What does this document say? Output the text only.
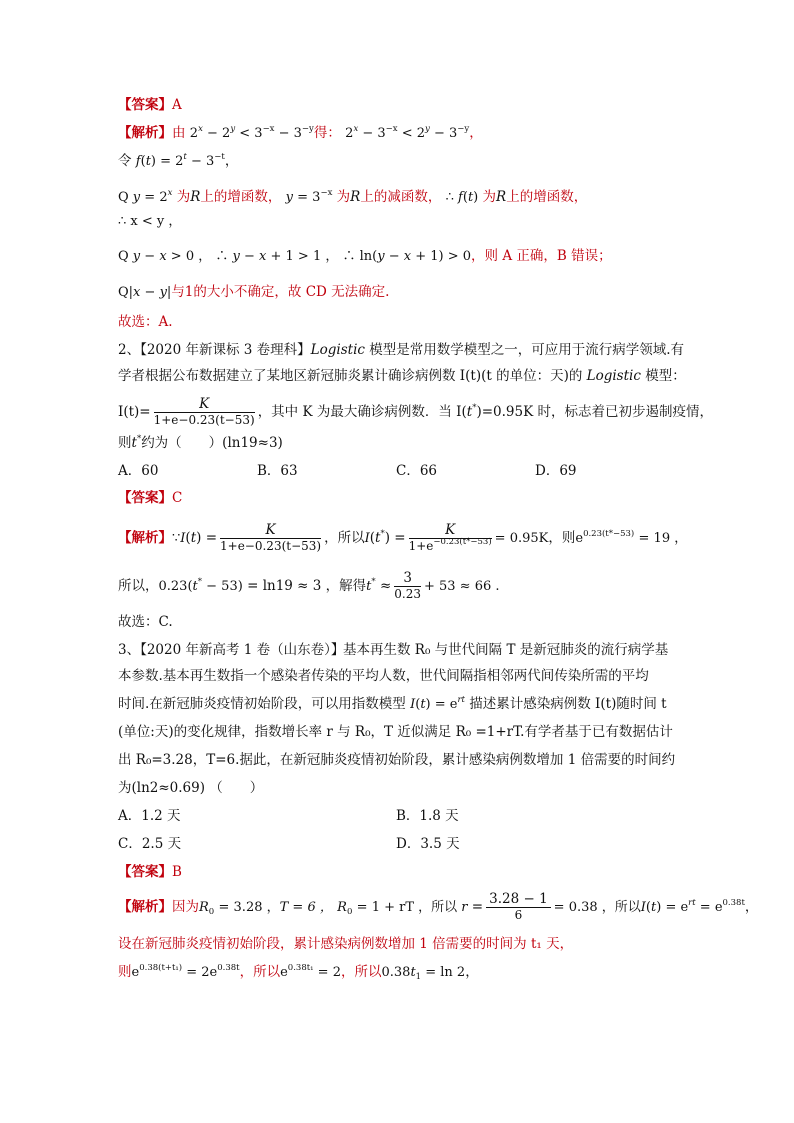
【答案】A
【解析】由 $2^x - 2^y < 3^{-x} - 3^{-y}$得： $2^x - 3^{-x} < 2^y - 3^{-y}$，
令 $f(t) = 2^t - 3^{-t}$，
Q $y = 2^x$ 为R上的增函数， $y = 3^{-x}$ 为R上的减函数， ∴ f(t) 为R上的增函数，
∴ x < y ，
Q y − x > 0 ， ∴ y − x + 1 > 1 ， ∴ ln(y − x + 1) > 0，则 A 正确，B 错误；
Q|x − y|与1的大小不确定，故 CD 无法确定.
故选：A.
2、【2020 年新课标 3 卷理科】Logistic 模型是常用数学模型之一，可应用于流行病学领域.有
学者根据公布数据建立了某地区新冠肺炎累计确诊病例数 I(t)(t 的单位：天)的 Logistic 模型：
$I(t)= \frac{K}{1+e-0.23(t-53)}$ ，其中 K 为最大确诊病例数．当 I(t*)=0.95K 时，标志着已初步遏制疫情，
则t*约为（　　）(ln19≈3)
A．60	B．63	C．66	D．69
【答案】C
【解析】∵I(t) = $\frac{K}{1+e-0.23(t-53)}$ ，所以$I(t^*) = \frac{K}{1+e^{-0.23(t*-53)}} = 0.95K$，则$e^{0.23(t*-53)} = 19$ ，
所以，0.23(t* − 53) = ln19 ≈ 3 ，解得$t^* \approx \frac{3}{0.23} + 53 \approx 66$ .
故选：C.
3、【2020 年新高考 1 卷（山东卷）】
基本再生数 R₀ 与世代间隔 T 是新冠肺炎的流行病学基
本参数.基本再生数指一个感染者传染的平均人数，世代间隔指相邻两代间传染所需的平均
时间.在新冠肺炎疫情初始阶段，可以用指数模型 $I(t) = e^{rt}$ 描述累计感染病例数 I(t)随时间 t
(单位:天)的变化规律，指数增长率 r 与 R₀，T 近似满足 R₀ =1+rT.有学者基于已有数据估计
出 R₀=3.28，T=6.据此，在新冠肺炎疫情初始阶段，累计感染病例数增加 1 倍需要的时间约
为(ln2≈0.69) （　　）
A．1.2 天	B．1.8 天
C．2.5 天	D．3.5 天
【答案】B
【解析】因为$R_0 = 3.28$ ，T = 6 ， $R_0 = 1$ + rT ，所以 $r = \frac{3.28 - 1}{6} = 0.38$ ，所以$I(t) = e^{rt} = e^{0.38t}$，
设在新冠肺炎疫情初始阶段，累计感染病例数增加 1 倍需要的时间为 t₁ 天，
则$e^{0.38(t+t_1)} = 2e^{0.38t}$，所以$e^{0.38t_1} = 2$，所以$0.38t_1 = \ln 2$，
